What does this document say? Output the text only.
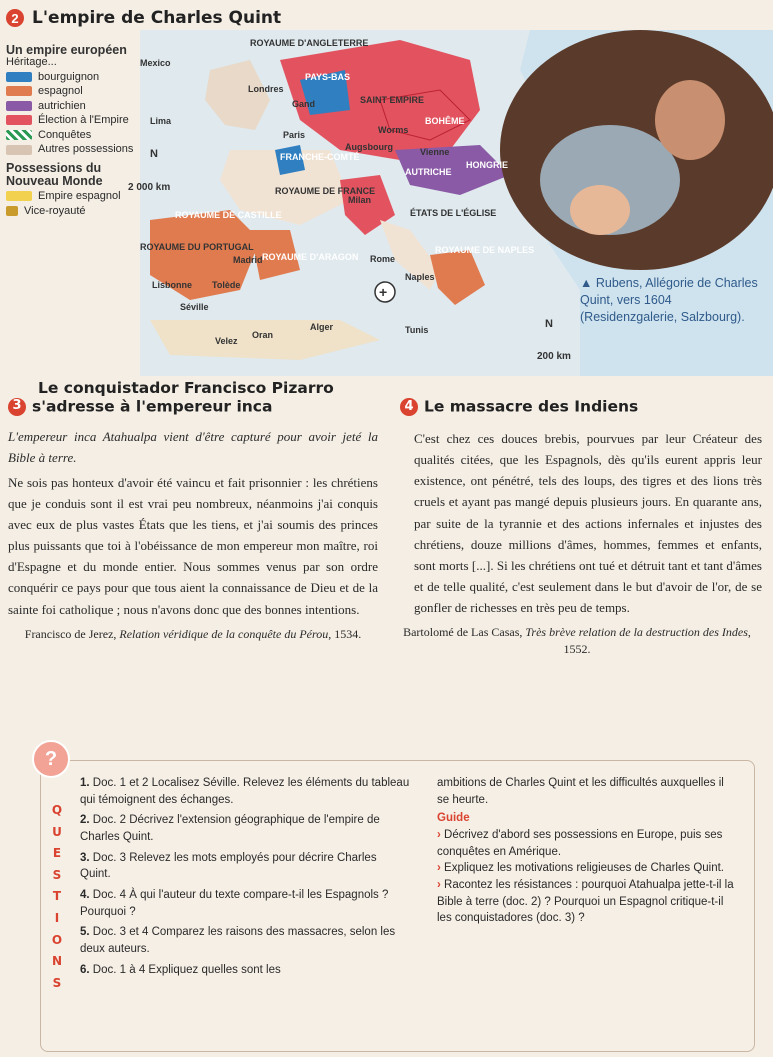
2 L'empire de Charles Quint
+
ROYAUME D'ANGLETERRE
Mexico
Londres
PAYS-BAS
Gand	SAINT EMPIRE
Lima
Worms
BOHÊME
Paris
Augsbourg	Vienne
FRANCHE-COMTÉ
AUTRICHE
HONGRIE
ROYAUME DE FRANCE
Milan
ÉTATS DE L'ÉGLISE
ROYAUME DE CASTILLE
Rome
ROYAUME DE NAPLES
ROYAUME DU PORTUGAL
Madrid ROYAUME D'ARAGON
Naples
Lisbonne Tolède
Séville
Alger	Tunis
Velez
Oran
2 000 km
200 km
N
N
Un empire européen
Héritage...
bourguignon
espagnol
autrichien
Élection à l'Empire
Conquêtes
Autres possessions
Possessions du Nouveau Monde
Empire espagnol
Vice-royauté
▲ Rubens, Allégorie de Charles Quint, vers 1604 (Residenzgalerie, Salzbourg).
Le conquistador Francisco Pizarro
3 s'adresse à l'empereur inca
L'empereur inca Atahualpa vient d'être capturé pour avoir jeté la Bible à terre.
Ne sois pas honteux d'avoir été vaincu et fait prisonnier : les chrétiens que je conduis sont il est vrai peu nombreux, néanmoins j'ai conquis avec eux de plus vastes États que les tiens, et j'ai soumis des princes plus puissants que toi à l'obéissance de mon empereur mon maître, roi d'Espagne et du monde entier. Nous sommes venus par son ordre conquérir ce pays pour que tous aient la connaissance de Dieu et de la sainte foi catholique ; nous n'avons donc que des bonnes intentions.
Francisco de Jerez, Relation véridique de la conquête du Pérou, 1534.
4 Le massacre des Indiens
C'est chez ces douces brebis, pourvues par leur Créateur des qualités citées, que les Espagnols, dès qu'ils eurent appris leur existence, ont pénétré, tels des loups, des tigres et des lions très cruels et ayant pas mangé depuis plusieurs jours. En quarante ans, par suite de la tyrannie et des actions infernales et injustes des chrétiens, douze millions d'âmes, hommes, femmes et enfants, sont morts [...]. Si les chrétiens ont tué et détruit tant et tant d'âmes et de telle qualité, c'est seulement dans le but d'avoir de l'or, de se gonfler de richesses en très peu de temps.
Bartolomé de Las Casas, Très brève relation de la destruction des Indes, 1552.
?
Q
U
E
S
T
I
O
N
S
1. Doc. 1 et 2 Localisez Séville. Relevez les éléments du tableau qui témoignent des échanges.
2. Doc. 2 Décrivez l'extension géographique de l'empire de Charles Quint.
3. Doc. 3 Relevez les mots employés pour décrire Charles Quint.
4. Doc. 4 À qui l'auteur du texte compare-t-il les Espagnols ? Pourquoi ?
5. Doc. 3 et 4 Comparez les raisons des massacres, selon les deux auteurs.
6. Doc. 1 à 4 Expliquez quelles sont les
ambitions de Charles Quint et les difficultés auxquelles il se heurte.
Guide
› Décrivez d'abord ses possessions en Europe, puis ses conquêtes en Amérique.
› Expliquez les motivations religieuses de Charles Quint.
› Racontez les résistances : pourquoi Atahualpa jette-t-il la Bible à terre (doc. 2) ? Pourquoi un Espagnol critique-t-il les conquistadores (doc. 3) ?
